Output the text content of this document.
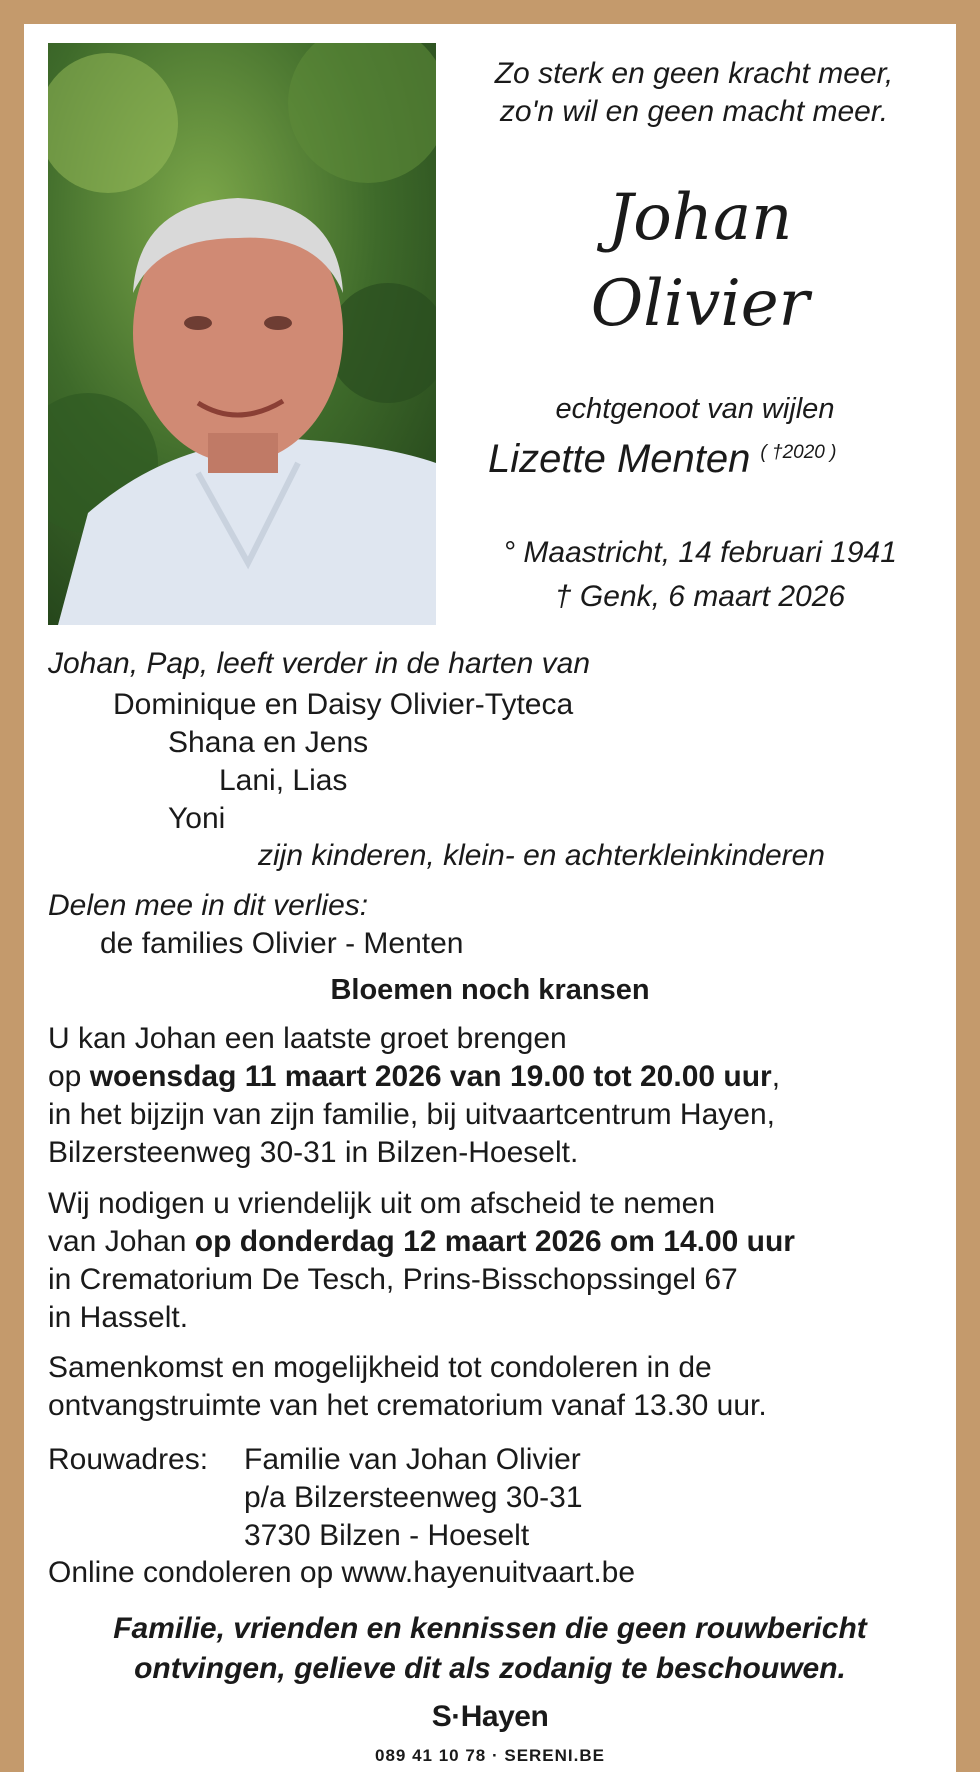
Zo sterk en geen kracht meer,
zo'n wil en geen macht meer.
Johan
Olivier
echtgenoot van wijlen
Lizette Menten $^{( \dagger 2020 )}$
° Maastricht, 14 februari 1941
† Genk, 6 maart 2026
Johan, Pap, leeft verder in de harten van
Dominique en Daisy Olivier-Tyteca
Shana en Jens
Lani, Lias
Yoni
zijn kinderen, klein- en achterkleinkinderen
Delen mee in dit verlies:
de families Olivier - Menten
Bloemen noch kransen
U kan Johan een laatste groet brengen
op woensdag 11 maart 2026 van 19.00 tot 20.00 uur,
in het bijzijn van zijn familie, bij uitvaartcentrum Hayen,
Bilzersteenweg 30-31 in Bilzen-Hoeselt.
Wij nodigen u vriendelijk uit om afscheid te nemen
van Johan op donderdag 12 maart 2026 om 14.00 uur
in Crematorium De Tesch, Prins-Bisschopssingel 67
in Hasselt.
Samenkomst en mogelijkheid tot condoleren in de
ontvangstruimte van het crematorium vanaf 13.30 uur.
Rouwadres: Familie van Johan Olivier
p/a Bilzersteenweg 30-31
3730 Bilzen - Hoeselt
Online condoleren op www.hayenuitvaart.be
Familie, vrienden en kennissen die geen rouwbericht
ontvingen, gelieve dit als zodanig te beschouwen.
S·Hayen
089 41 10 78 · SERENI.BE
